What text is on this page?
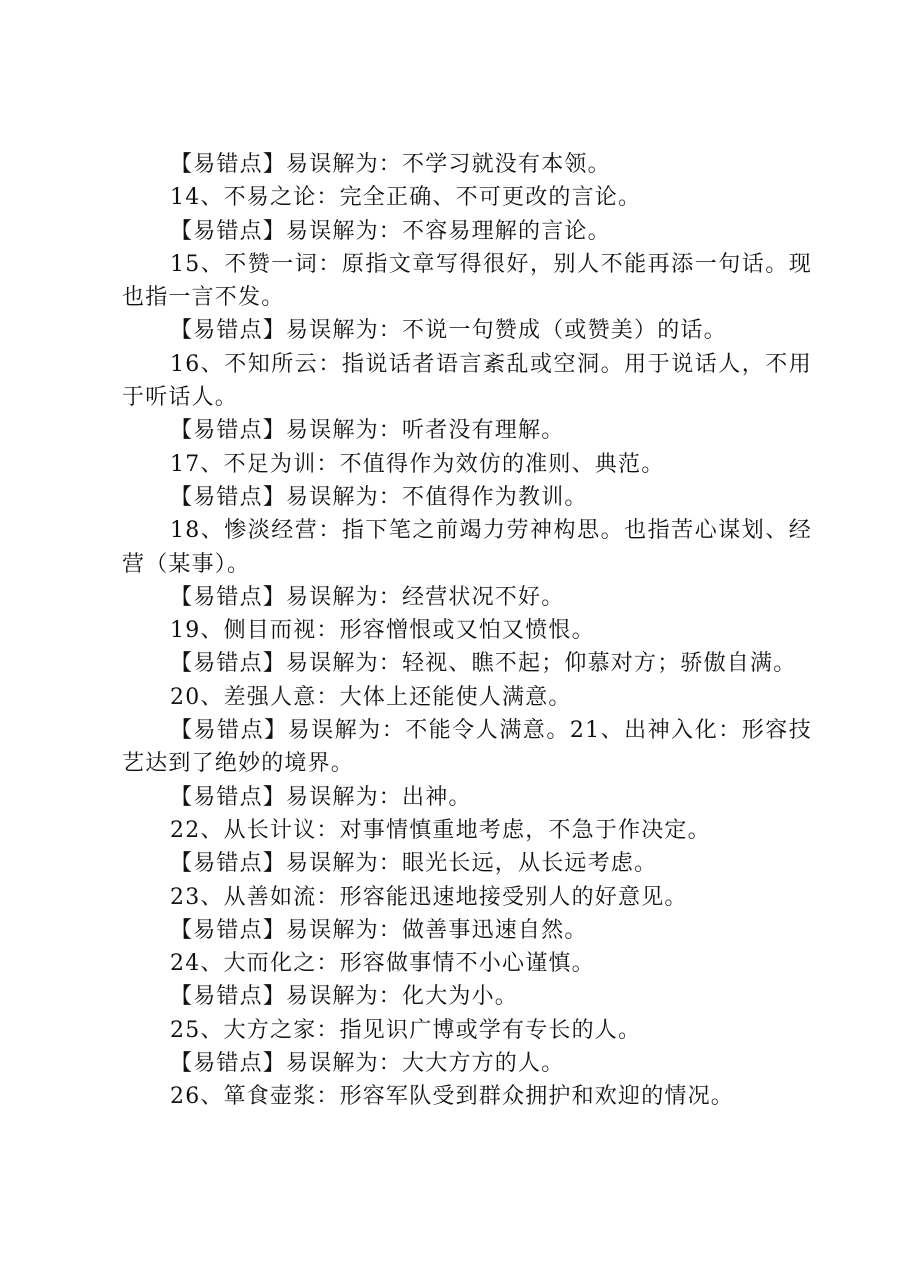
【易错点】易误解为：不学习就没有本领。

14、不易之论：完全正确、不可更改的言论。

【易错点】易误解为：不容易理解的言论。

15、不赞一词：原指文章写得很好，别人不能再添一句话。现也指一言不发。

【易错点】易误解为：不说一句赞成（或赞美）的话。

16、不知所云：指说话者语言紊乱或空洞。用于说话人，不用于听话人。

【易错点】易误解为：听者没有理解。

17、不足为训：不值得作为效仿的准则、典范。

【易错点】易误解为：不值得作为教训。

18、惨淡经营：指下笔之前竭力劳神构思。也指苦心谋划、经营（某事）。

【易错点】易误解为：经营状况不好。

19、侧目而视：形容憎恨或又怕又愤恨。

【易错点】易误解为：轻视、瞧不起；仰慕对方；骄傲自满。

20、差强人意：大体上还能使人满意。

【易错点】易误解为：不能令人满意。21、出神入化：形容技艺达到了绝妙的境界。

【易错点】易误解为：出神。

22、从长计议：对事情慎重地考虑，不急于作决定。

【易错点】易误解为：眼光长远，从长远考虑。

23、从善如流：形容能迅速地接受别人的好意见。

【易错点】易误解为：做善事迅速自然。

24、大而化之：形容做事情不小心谨慎。

【易错点】易误解为：化大为小。

25、大方之家：指见识广博或学有专长的人。

【易错点】易误解为：大大方方的人。

26、箪食壶浆：形容军队受到群众拥护和欢迎的情况。
